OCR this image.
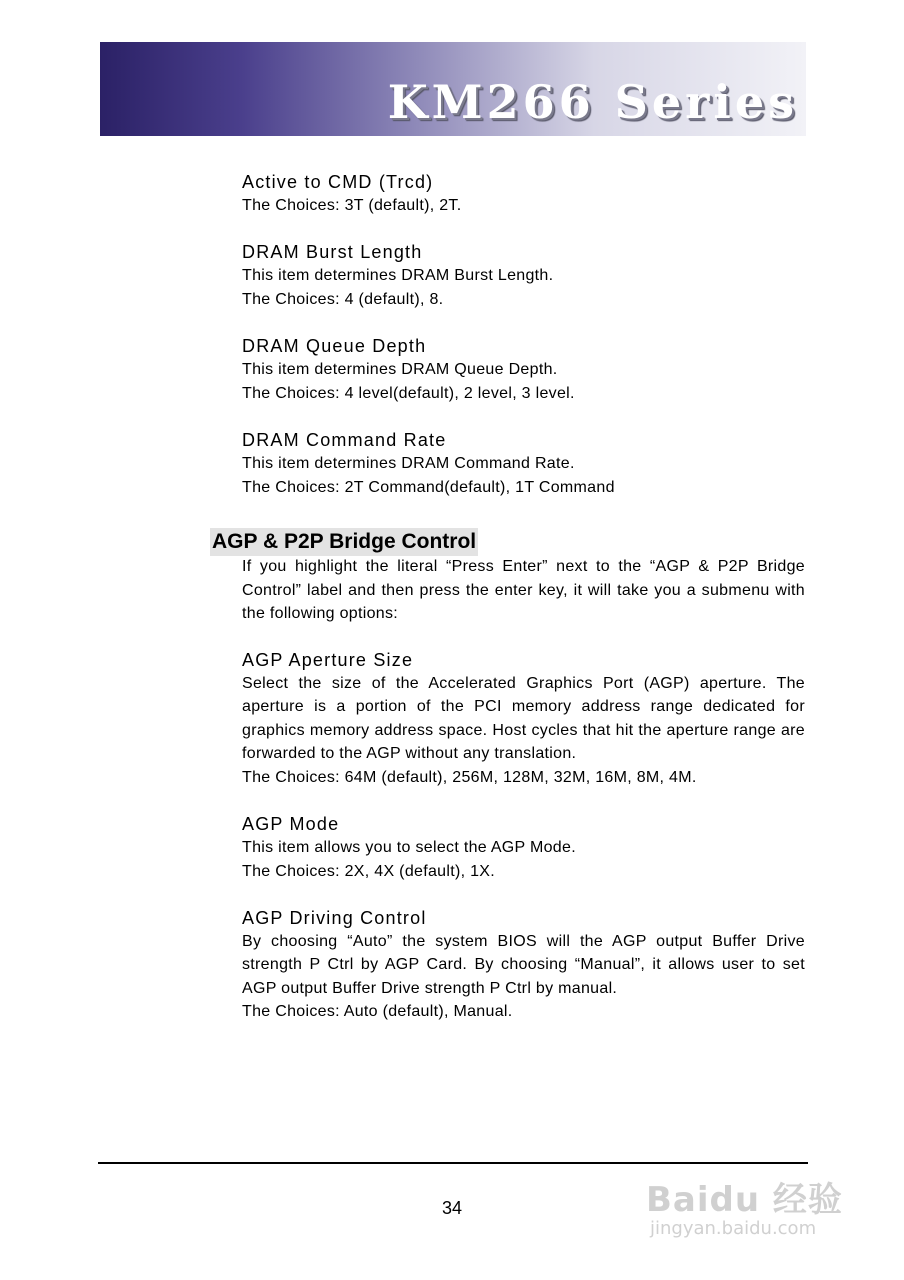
KM266 Series
Active to CMD (Trcd)
The Choices: 3T (default), 2T.
DRAM Burst Length
This item determines DRAM Burst Length.
The Choices: 4 (default), 8.
DRAM Queue Depth
This item determines DRAM Queue Depth.
The Choices: 4 level(default), 2 level, 3 level.
DRAM Command Rate
This item determines DRAM Command Rate.
The Choices: 2T Command(default), 1T Command
AGP & P2P Bridge Control
If you highlight the literal “Press Enter” next to the “AGP & P2P Bridge Control” label and then press the enter key, it will take you a submenu with the following options:
AGP Aperture Size
Select the size of the Accelerated Graphics Port (AGP) aperture. The aperture is a portion of the PCI memory address range dedicated for graphics memory address space. Host cycles that hit the aperture range are forwarded to the AGP without any translation.
The Choices: 64M (default), 256M, 128M, 32M, 16M, 8M, 4M.
AGP Mode
This item allows you to select the AGP Mode.
The Choices: 2X, 4X (default), 1X.
AGP Driving Control
By choosing “Auto” the system BIOS will the AGP output Buffer Drive strength P Ctrl by AGP Card. By choosing “Manual”, it allows user to set AGP output Buffer Drive strength P Ctrl by manual.
The Choices: Auto (default), Manual.
34	Baidu 经验
jingyan.baidu.com
